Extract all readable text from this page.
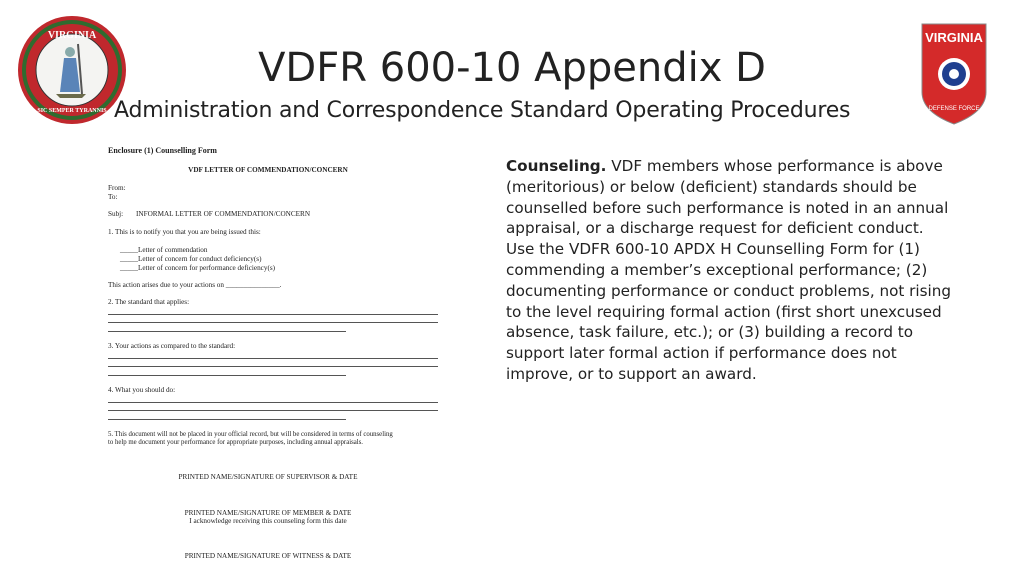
VIRGINIA
SIC SEMPER TYRANNIS
VIRGINIA
DEFENSE FORCE
VDFR 600-10 Appendix D
Administration and Correspondence Standard Operating Procedures
Enclosure (1) Counselling Form
VDF LETTER OF COMMENDATION/CONCERN
From:
To:
Subj: INFORMAL LETTER OF COMMENDATION/CONCERN
1. This is to notify you that you are being issued this:
_____Letter of commendation
_____Letter of concern for conduct deficiency(s)
_____Letter of concern for performance deficiency(s)
This action arises due to your actions on _______________.
2. The standard that applies:
3. Your actions as compared to the standard:
4. What you should do:
5. This document will not be placed in your official record, but will be considered in terms of counseling
to help me document your performance for appropriate purposes, including annual appraisals.
PRINTED NAME/SIGNATURE OF SUPERVISOR & DATE
PRINTED NAME/SIGNATURE OF MEMBER & DATE
I acknowledge receiving this counseling form this date
PRINTED NAME/SIGNATURE OF WITNESS & DATE
Counseling. VDF members whose performance is above (meritorious) or below (deficient) standards should be counselled before such performance is noted in an annual appraisal, or a discharge request for deficient conduct. Use the VDFR 600-10 APDX H Counselling Form for (1) commending a member’s exceptional performance; (2) documenting performance or conduct problems, not rising to the level requiring formal action (first short unexcused absence, task failure, etc.); or (3) building a record to support later formal action if performance does not improve, or to support an award.
